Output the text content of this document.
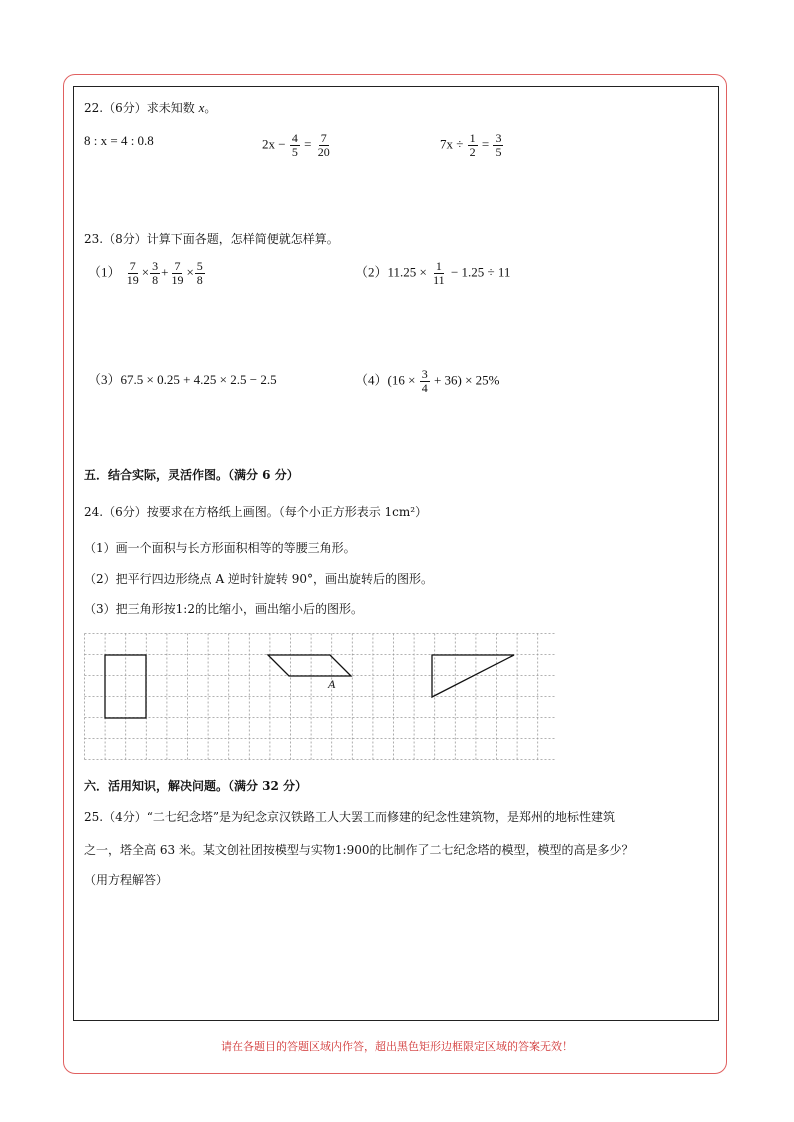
22.（6分）求未知数 x。
8 : x = 4 : 0.8	$2x - \frac{4}{5} = \frac{7}{20}$	$7x \div \frac{1}{2} = \frac{3}{5}$
23.（8分）计算下面各题，怎样简便就怎样算。
$(1) \frac{7}{19} \times \frac{3}{8} + \frac{7}{19} \times \frac{5}{8}$	$(2)11.25 \times \frac{1}{11} - 1.25 \div 11$
（3）67.5 × 0.25 + 4.25 × 2.5 − 2.5	$(4)(16 \times \frac{3}{4} + 36) \times 25\%$
五．结合实际，灵活作图。（满分 6 分）
24.（6分）按要求在方格纸上画图。（每个小正方形表示 1cm²）
（1）画一个面积与长方形面积相等的等腰三角形。
（2）把平行四边形绕点 A 逆时针旋转 90°，画出旋转后的图形。
（3）把三角形按1:2的比缩小，画出缩小后的图形。
A
六．活用知识，解决问题。（满分 32 分）
25.（4分）“二七纪念塔”是为纪念京汉铁路工人大罢工而修建的纪念性建筑物，是郑州的地标性建筑
之一，塔全高 63 米。某文创社团按模型与实物1:900的比制作了二七纪念塔的模型，模型的高是多少？
（用方程解答）
请在各题目的答题区域内作答，超出黑色矩形边框限定区域的答案无效！
